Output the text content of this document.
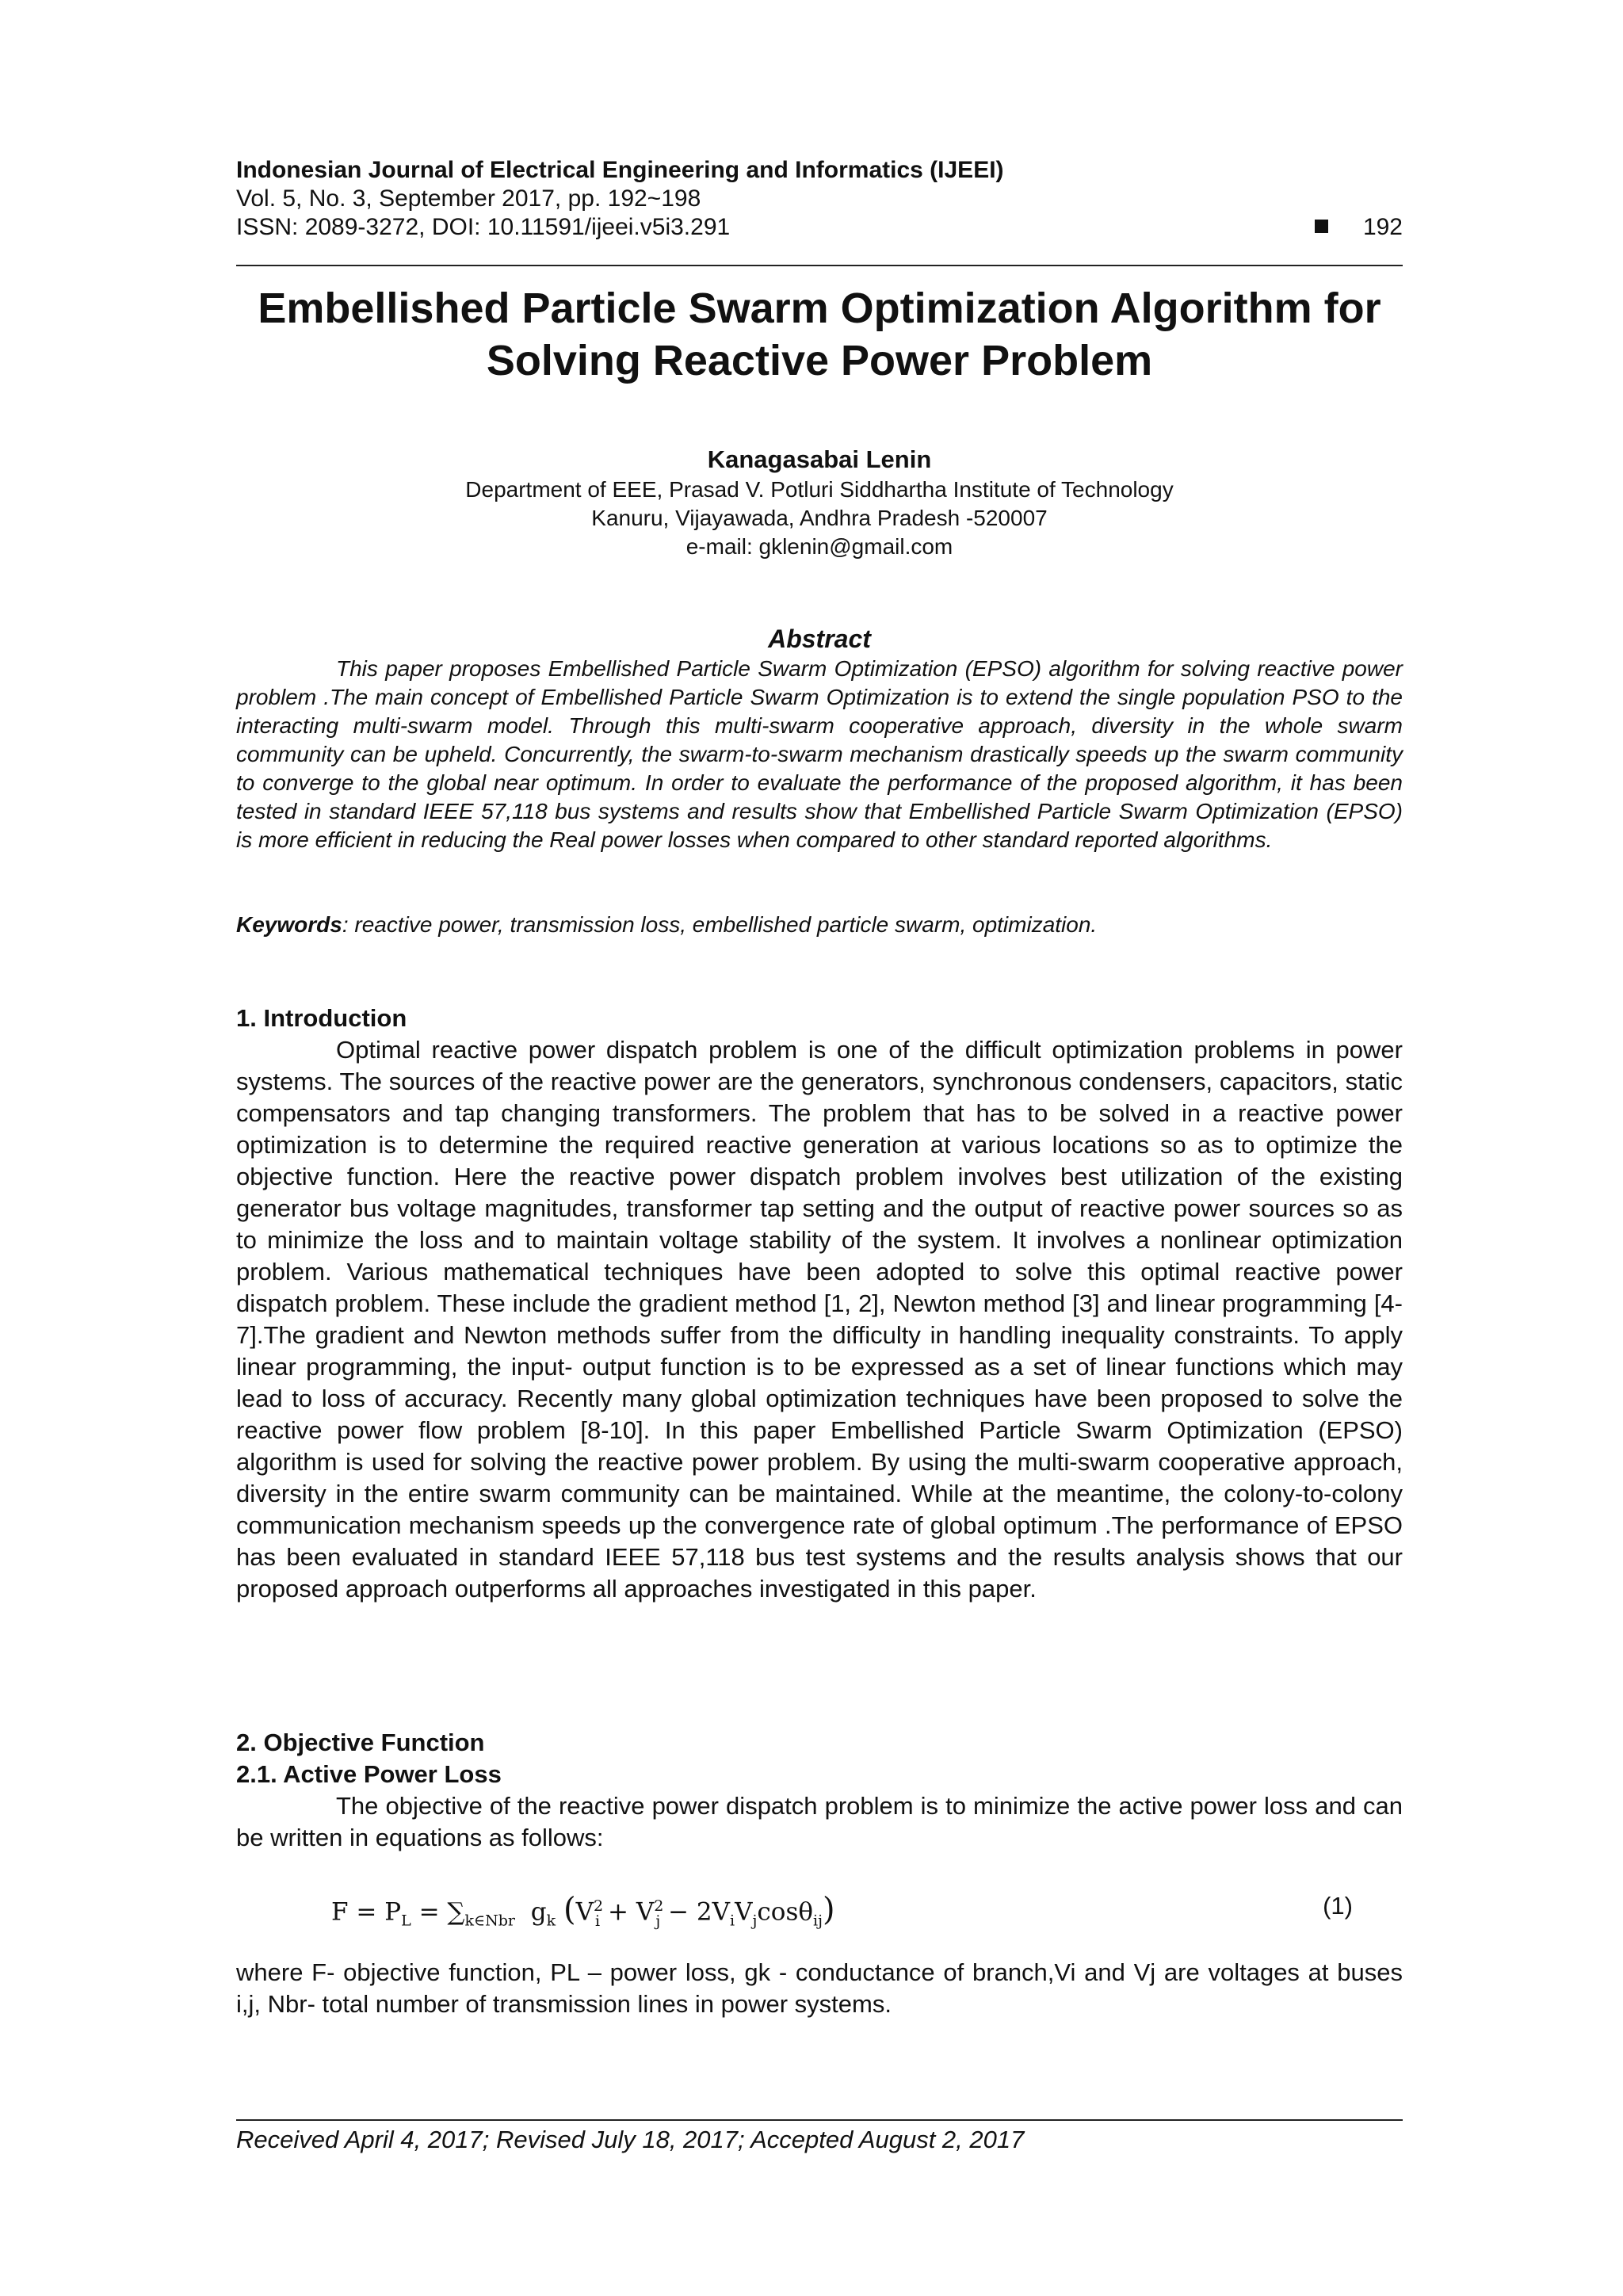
Indonesian Journal of Electrical Engineering and Informatics (IJEEI)
Vol. 5, No. 3, September 2017, pp. 192~198
ISSN: 2089-3272, DOI: 10.11591/ijeei.v5i3.291	192
Embellished Particle Swarm Optimization Algorithm for
Solving Reactive Power Problem
Kanagasabai Lenin
Department of EEE, Prasad V. Potluri Siddhartha Institute of Technology
Kanuru, Vijayawada, Andhra Pradesh -520007
e-mail: gklenin@gmail.com
Abstract

This paper proposes Embellished Particle Swarm Optimization (EPSO) algorithm for solving reactive power problem .The main concept of Embellished Particle Swarm Optimization is to extend the single population PSO to the interacting multi-swarm model. Through this multi-swarm cooperative approach, diversity in the whole swarm community can be upheld. Concurrently, the swarm-to-swarm mechanism drastically speeds up the swarm community to converge to the global near optimum. In order to evaluate the performance of the proposed algorithm, it has been tested in standard IEEE 57,118 bus systems and results show that Embellished Particle Swarm Optimization (EPSO) is more efficient in reducing the Real power losses when compared to other standard reported algorithms.

Keywords: reactive power, transmission loss, embellished particle swarm, optimization.

1. Introduction

Optimal reactive power dispatch problem is one of the difficult optimization problems in power systems. The sources of the reactive power are the generators, synchronous condensers, capacitors, static compensators and tap changing transformers. The problem that has to be solved in a reactive power optimization is to determine the required reactive generation at various locations so as to optimize the objective function. Here the reactive power dispatch problem involves best utilization of the existing generator bus voltage magnitudes, transformer tap setting and the output of reactive power sources so as to minimize the loss and to maintain voltage stability of the system. It involves a nonlinear optimization problem. Various mathematical techniques have been adopted to solve this optimal reactive power dispatch problem. These include the gradient method [1, 2], Newton method [3] and linear programming [4-7].The gradient and Newton methods suffer from the difficulty in handling inequality constraints. To apply linear programming, the input- output function is to be expressed as a set of linear functions which may lead to loss of accuracy. Recently many global optimization techniques have been proposed to solve the reactive power flow problem [8-10]. In this paper Embellished Particle Swarm Optimization (EPSO) algorithm is used for solving the reactive power problem. By using the multi-swarm cooperative approach, diversity in the entire swarm community can be maintained. While at the meantime, the colony-to-colony communication mechanism speeds up the convergence rate of global optimum .The performance of EPSO has been evaluated in standard IEEE 57,118 bus test systems and the results analysis shows that our proposed approach outperforms all approaches investigated in this paper.

2. Objective Function
2.1. Active Power Loss

The objective of the reactive power dispatch problem is to minimize the active power loss and can be written in equations as follows:

$F = P_L = \sum_{k\in Nbr}$ $g_k$ $(V^2_i + V^2_j - 2V_iV_j\cos\theta_{ij})$	(1)

where F- objective function, PL – power loss, gk - conductance of branch,Vi and Vj are voltages at buses i,j, Nbr- total number of transmission lines in power systems.

Received April 4, 2017; Revised July 18, 2017; Accepted August 2, 2017
